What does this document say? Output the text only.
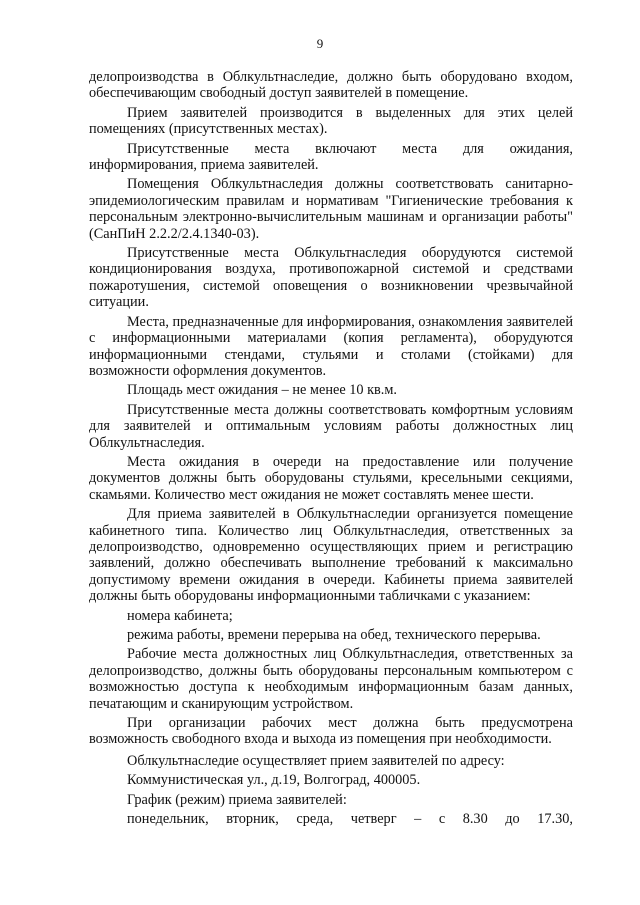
9

делопроизводства в Облкультнаследие, должно быть оборудовано входом, обеспечивающим свободный доступ заявителей в помещение.

Прием заявителей производится в выделенных для этих целей помещениях (присутственных местах).

Присутственные места включают места для ожидания, информирования, приема заявителей.

Помещения Облкультнаследия должны соответствовать санитарно-эпидемиологическим правилам и нормативам "Гигиенические требования к персональным электронно-вычислительным машинам и организации работы" (СанПиН 2.2.2/2.4.1340-03).

Присутственные места Облкультнаследия оборудуются системой кондиционирования воздуха, противопожарной системой и средствами пожаротушения, системой оповещения о возникновении чрезвычайной ситуации.

Места, предназначенные для информирования, ознакомления заявителей с информационными материалами (копия регламента), оборудуются информационными стендами, стульями и столами (стойками) для возможности оформления документов.

Площадь мест ожидания – не менее 10 кв.м.

Присутственные места должны соответствовать комфортным условиям для заявителей и оптимальным условиям работы должностных лиц Облкультнаследия.

Места ожидания в очереди на предоставление или получение документов должны быть оборудованы стульями, кресельными секциями, скамьями. Количество мест ожидания не может составлять менее шести.

Для приема заявителей в Облкультнаследии организуется помещение кабинетного типа. Количество лиц Облкультнаследия, ответственных за делопроизводство, одновременно осуществляющих прием и регистрацию заявлений, должно обеспечивать выполнение требований к максимально допустимому времени ожидания в очереди. Кабинеты приема заявителей должны быть оборудованы информационными табличками с указанием:

номера кабинета;

режима работы, времени перерыва на обед, технического перерыва.

Рабочие места должностных лиц Облкультнаследия, ответственных за делопроизводство, должны быть оборудованы персональным компьютером с возможностью доступа к необходимым информационным базам данных, печатающим и сканирующим устройством.

При организации рабочих мест должна быть предусмотрена возможность свободного входа и выхода из помещения при необходимости.

Облкультнаследие осуществляет прием заявителей по адресу:

Коммунистическая ул., д.19, Волгоград, 400005.

График (режим) приема заявителей:

понедельник, вторник, среда, четверг – с 8.30 до 17.30,
